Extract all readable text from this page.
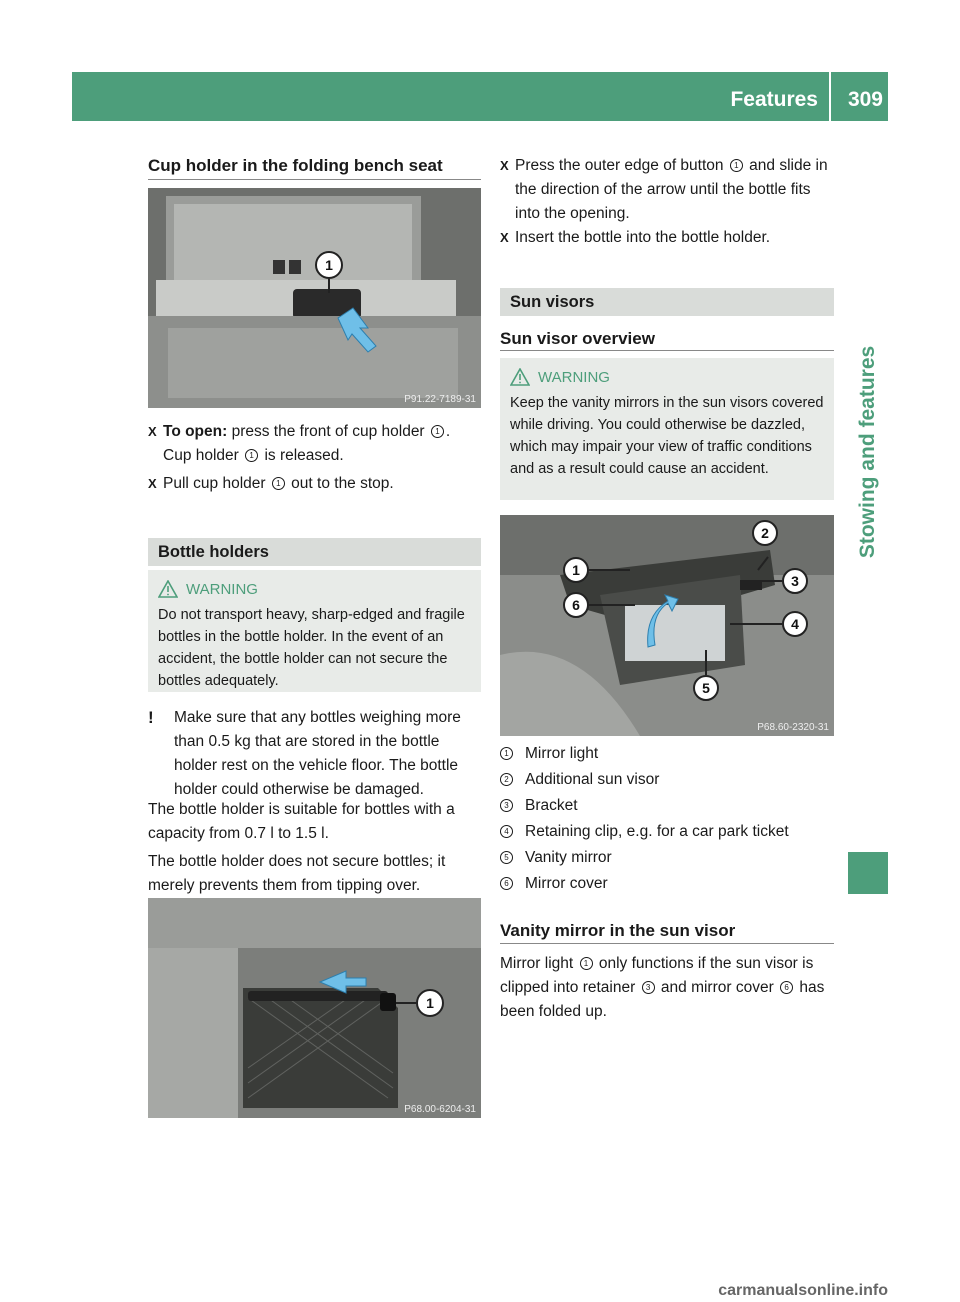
Features 309
Stowing and features
Cup holder in the folding bench seat
1
P91.22-7189-31
X To open: press the front of cup holder 1 . Cup holder 1 is released.
X Pull cup holder 1 out to the stop.
Bottle holders
WARNING
Do not transport heavy, sharp-edged and fragile bottles in the bottle holder. In the event of an accident, the bottle holder can not secure the bottles adequately.
!	Make sure that any bottles weighing more than 0.5 kg that are stored in the bottle holder rest on the vehicle floor. The bottle holder could otherwise be damaged.
The bottle holder is suitable for bottles with a capacity from 0.7 l to 1.5 l.
The bottle holder does not secure bottles; it merely prevents them from tipping over.
1
P68.00-6204-31
X Press the outer edge of button 1 and slide in the direction of the arrow until the bottle fits into the opening.
X Insert the bottle into the bottle holder.
Sun visors
Sun visor overview
WARNING
Keep the vanity mirrors in the sun visors covered while driving. You could otherwise be dazzled, which may impair your view of traffic conditions and as a result could cause an accident.
1
2
3
4
5
6
P68.60-2320-31
1 Mirror light
2 Additional sun visor
3 Bracket
4 Retaining clip, e.g. for a car park ticket
5 Vanity mirror
6 Mirror cover
Vanity mirror in the sun visor
Mirror light 1 only functions if the sun visor is clipped into retainer 3 and mirror cover 6 has been folded up.
carmanualsonline.info
